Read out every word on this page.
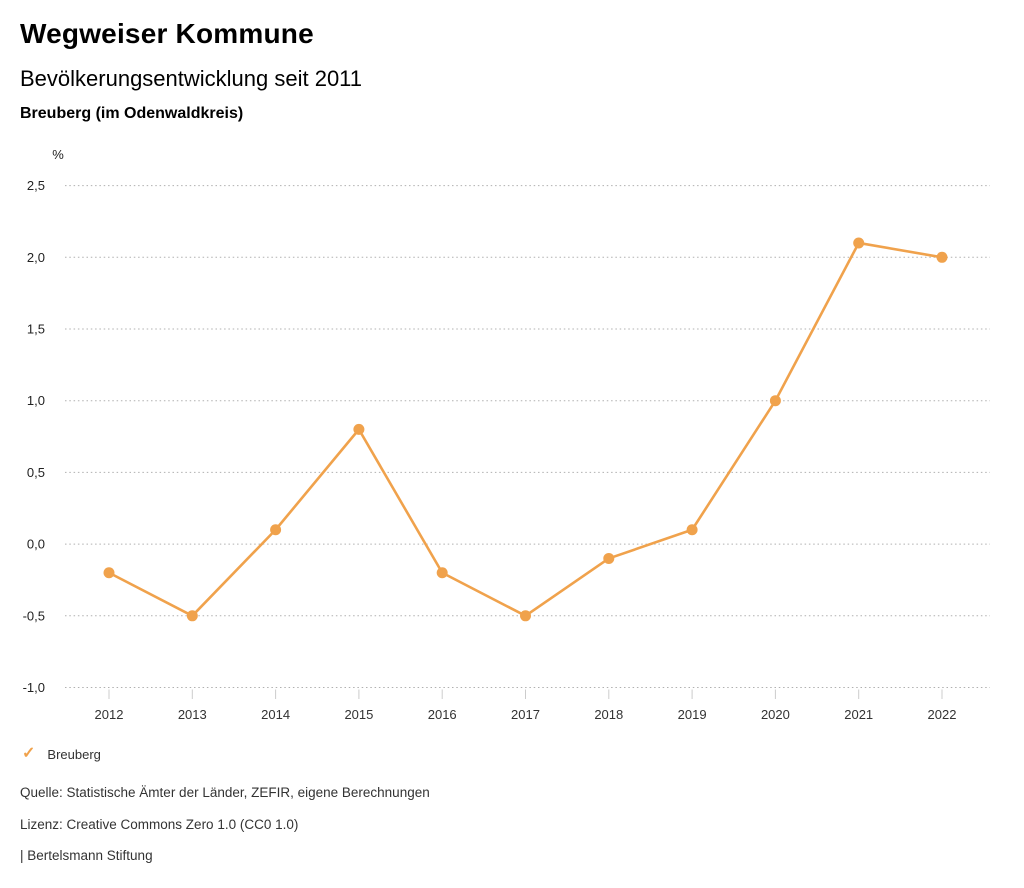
Wegweiser Kommune
Bevölkerungsentwicklung seit 2011
Breuberg (im Odenwaldkreis)
%
2,5
2,0
1,5
1,0
0,5
0,0
-0,5
-1,0
2012	2013	2014	2015	2016	2017	2018	2019	2020	2021	2022
✓ Breuberg
Quelle: Statistische Ämter der Länder, ZEFIR, eigene Berechnungen
Lizenz: Creative Commons Zero 1.0 (CC0 1.0)
| Bertelsmann Stiftung
